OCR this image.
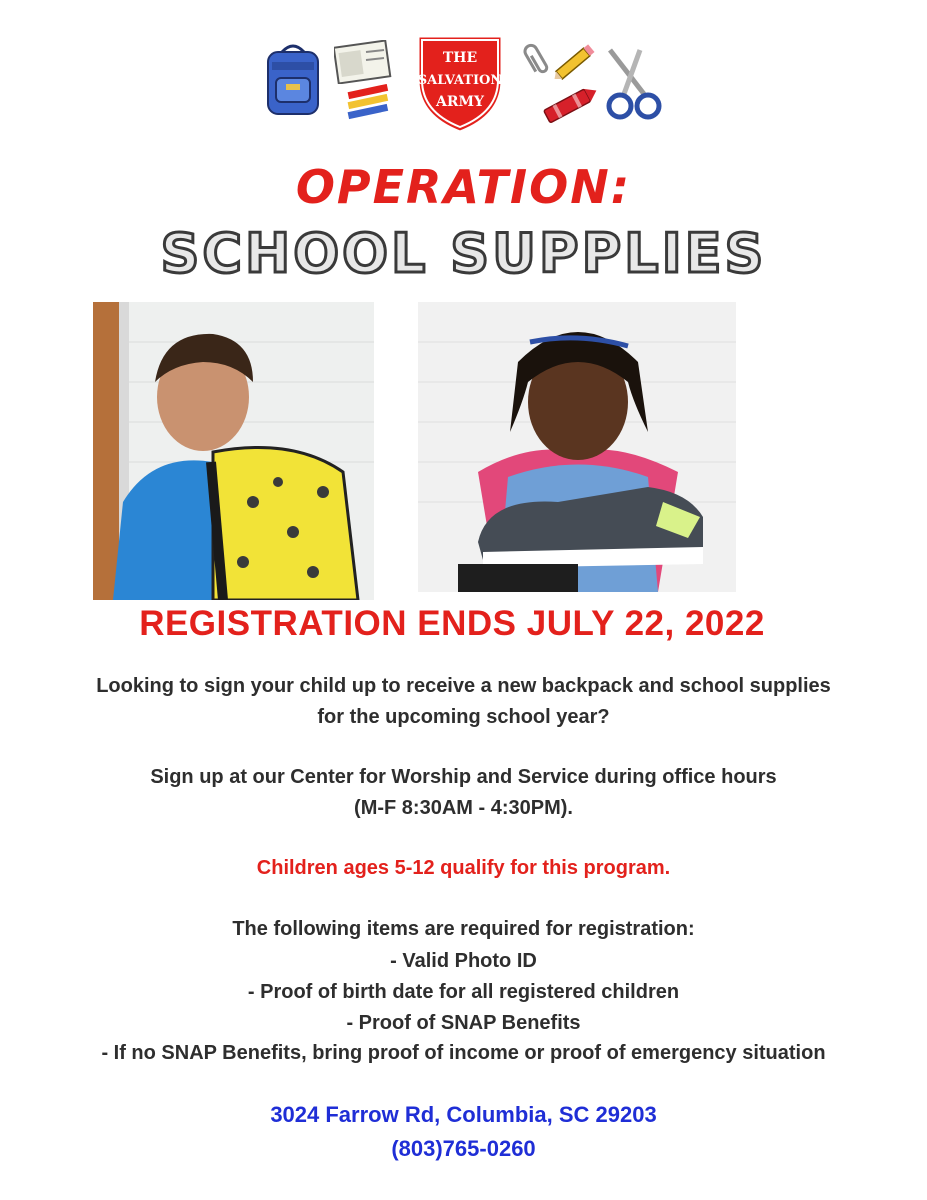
THE
SALVATION
ARMY
OPERATION:
SCHOOL SUPPLIES
REGISTRATION ENDS JULY 22, 2022
Looking to sign your child up to receive a new backpack and school supplies
for the upcoming school year?
Sign up at our Center for Worship and Service during office hours
(M-F 8:30AM - 4:30PM).
Children ages 5-12 qualify for this program.
The following items are required for registration:
- Valid Photo ID
- Proof of birth date for all registered children
- Proof of SNAP Benefits
- If no SNAP Benefits, bring proof of income or proof of emergency situation
3024 Farrow Rd, Columbia, SC 29203
(803)765-0260
